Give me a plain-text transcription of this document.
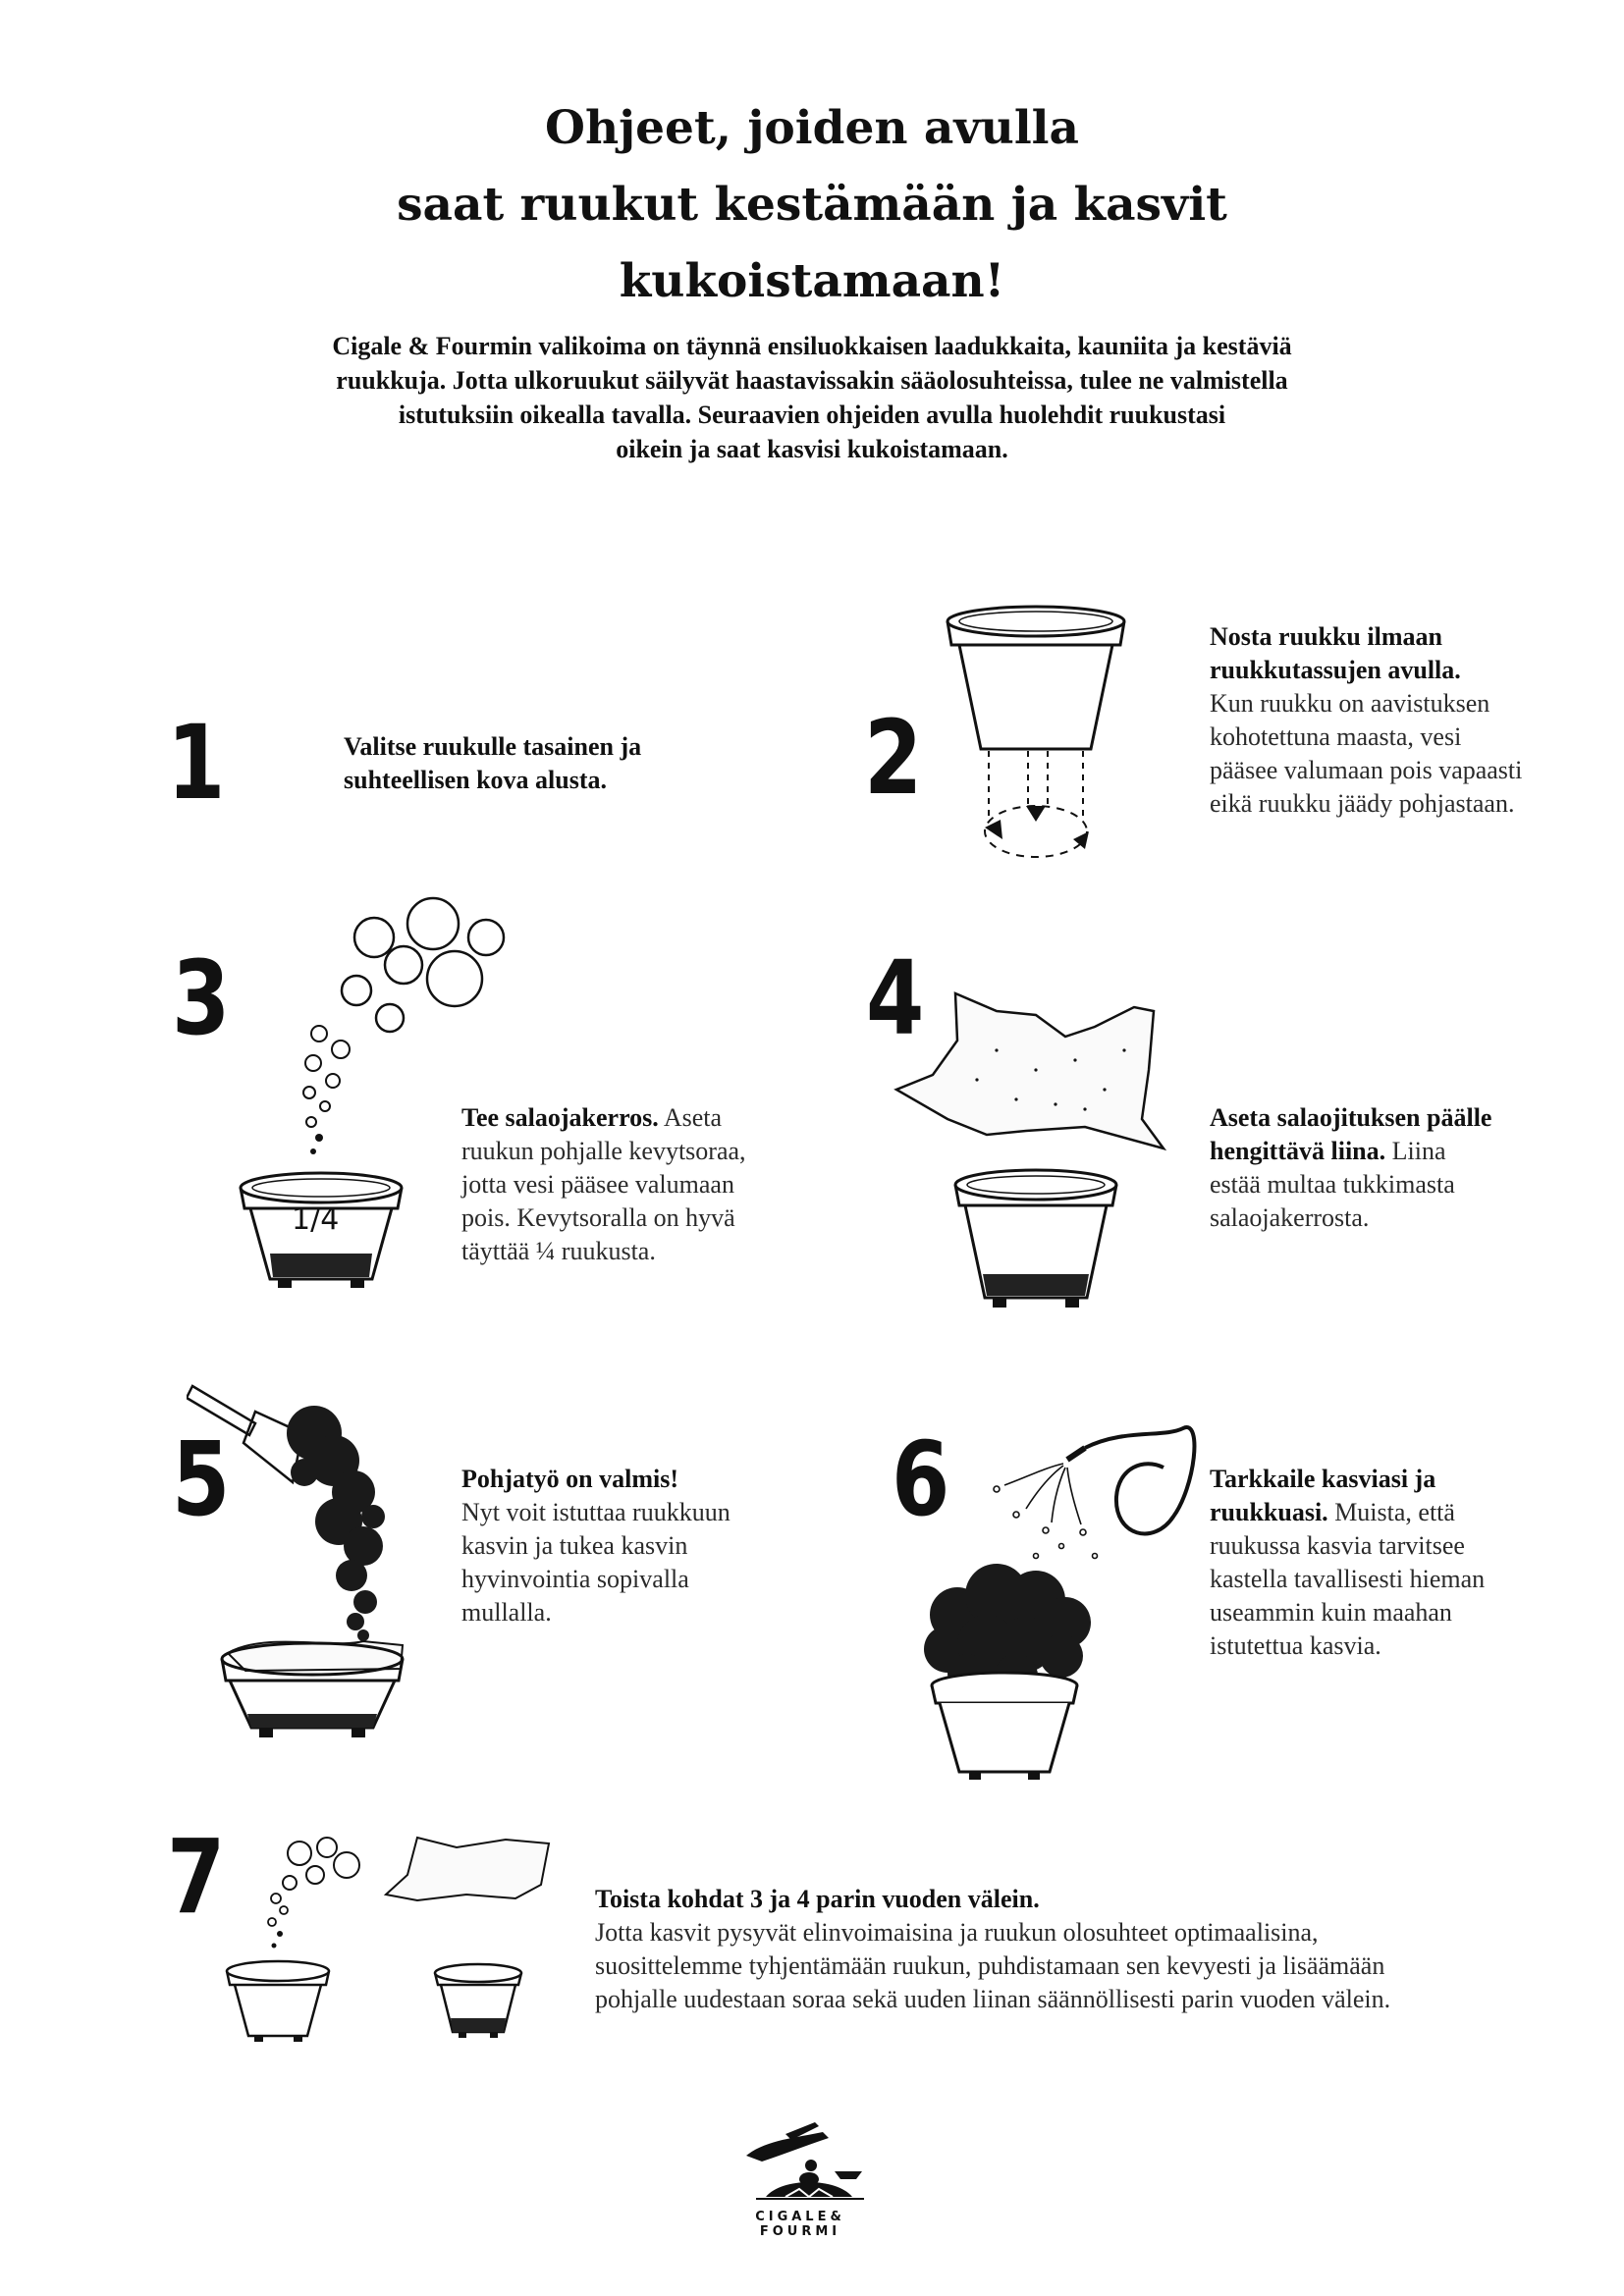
Ohjeet, joiden avulla
saat ruukut kestämään ja kasvit
kukoistamaan!
Cigale & Fourmin valikoima on täynnä ensiluokkaisen laadukkaita, kauniita ja kestäviä
ruukkuja. Jotta ulkoruukut säilyvät haastavissakin sääolosuhteissa, tulee ne valmistella
istutuksiin oikealla tavalla. Seuraavien ohjeiden avulla huolehdit ruukustasi
oikein ja saat kasvisi kukoistamaan.
1	Valitse ruukulle tasainen ja
suhteellisen kova alusta.	2
Nosta ruukku ilmaan
ruukkutassujen avulla.
Kun ruukku on aavistuksen
kohotettuna maasta, vesi
pääsee valumaan pois vapaasti
eikä ruukku jäädy pohjastaan.
3
1/4
Tee salaojakerros. Aseta
ruukun pohjalle kevytsoraa,
jotta vesi pääsee valumaan
pois. Kevytsoralla on hyvä
täyttää ¼ ruukusta.
4
Aseta salaojituksen päälle
hengittävä liina. Liina
estää multaa tukkimasta
salaojakerrosta.
5	Pohjatyö on valmis!
Nyt voit istuttaa ruukkuun
kasvin ja tukea kasvin
hyvinvointia sopivalla
mullalla.
6	Tarkkaile kasviasi ja
ruukkuasi. Muista, että
ruukussa kasvia tarvitsee
kastella tavallisesti hieman
useammin kuin maahan
istutettua kasvia.
7	Toista kohdat 3 ja 4 parin vuoden välein.
Jotta kasvit pysyvät elinvoimaisina ja ruukun olosuhteet optimaalisina,
suosittelemme tyhjentämään ruukun, puhdistamaan sen kevyesti ja lisäämään
pohjalle uudestaan soraa sekä uuden liinan säännöllisesti parin vuoden välein.
CIGALE&
FOURMI
